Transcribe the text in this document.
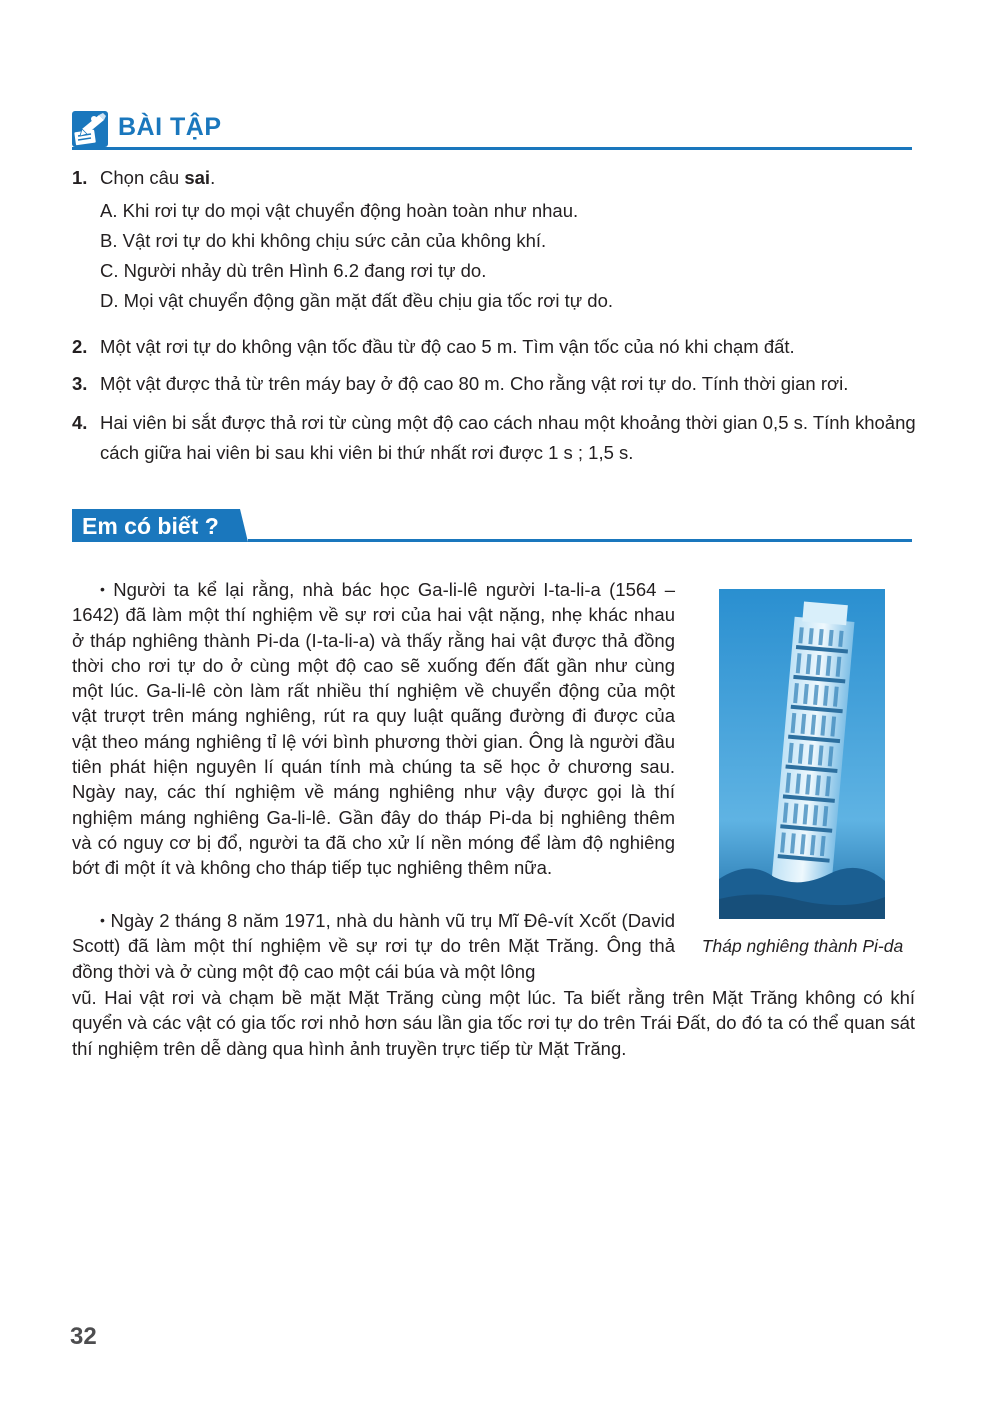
BÀI TẬP
1. Chọn câu sai.
A. Khi rơi tự do mọi vật chuyển động hoàn toàn như nhau.
B. Vật rơi tự do khi không chịu sức cản của không khí.
C. Người nhảy dù trên Hình 6.2 đang rơi tự do.
D. Mọi vật chuyển động gần mặt đất đều chịu gia tốc rơi tự do.
2. Một vật rơi tự do không vận tốc đầu từ độ cao 5 m. Tìm vận tốc của nó khi chạm đất.
3. Một vật được thả từ trên máy bay ở độ cao 80 m. Cho rằng vật rơi tự do. Tính thời gian rơi.
4. Hai viên bi sắt được thả rơi từ cùng một độ cao cách nhau một khoảng thời gian 0,5 s. Tính khoảng cách giữa hai viên bi sau khi viên bi thứ nhất rơi được 1 s ; 1,5 s.
Em có biết ?
• Người ta kể lại rằng, nhà bác học Ga-li-lê người I-ta-li-a (1564 – 1642) đã làm một thí nghiệm về sự rơi của hai vật nặng, nhẹ khác nhau ở tháp nghiêng thành Pi-da (I-ta-li-a) và thấy rằng hai vật được thả đồng thời cho rơi tự do ở cùng một độ cao sẽ xuống đến đất gần như cùng một lúc. Ga-li-lê còn làm rất nhiều thí nghiệm về chuyển động của một vật trượt trên máng nghiêng, rút ra quy luật quãng đường đi được của vật theo máng nghiêng tỉ lệ với bình phương thời gian. Ông là người đầu tiên phát hiện nguyên lí quán tính mà chúng ta sẽ học ở chương sau. Ngày nay, các thí nghiệm về máng nghiêng như vậy được gọi là thí nghiệm máng nghiêng Ga-li-lê. Gần đây do tháp Pi-da bị nghiêng thêm và có nguy cơ bị đổ, người ta đã cho xử lí nền móng để làm độ nghiêng bớt đi một ít và không cho tháp tiếp tục nghiêng thêm nữa.
Tháp nghiêng thành Pi-da
• Ngày 2 tháng 8 năm 1971, nhà du hành vũ trụ Mĩ Đê-vít Xcốt (David Scott) đã làm một thí nghiệm về sự rơi tự do trên Mặt Trăng. Ông thả đồng thời và ở cùng một độ cao một cái búa và một lông
vũ. Hai vật rơi và chạm bề mặt Mặt Trăng cùng một lúc. Ta biết rằng trên Mặt Trăng không có khí quyển và các vật có gia tốc rơi nhỏ hơn sáu lần gia tốc rơi tự do trên Trái Đất, do đó ta có thể quan sát thí nghiệm trên dễ dàng qua hình ảnh truyền trực tiếp từ Mặt Trăng.
32
